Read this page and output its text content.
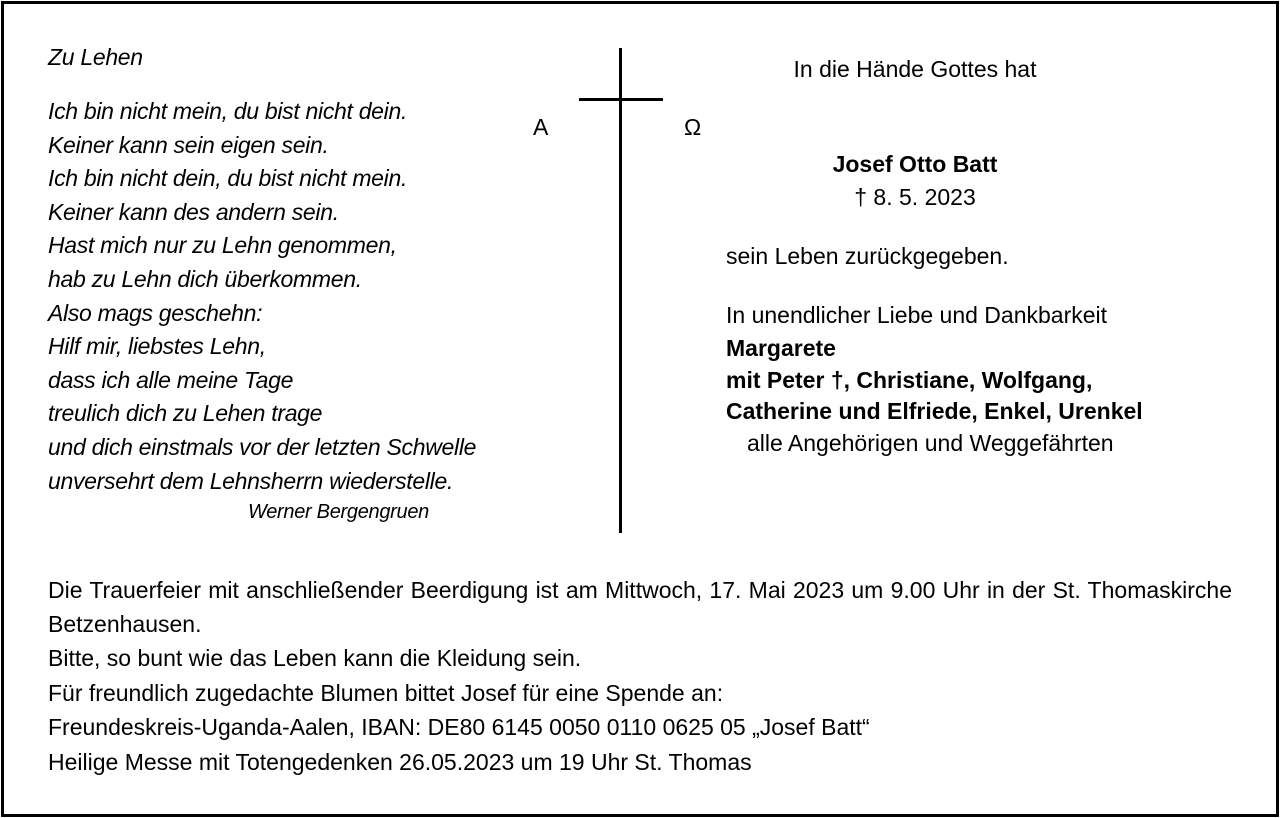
Zu Lehen
Ich bin nicht mein, du bist nicht dein.
Keiner kann sein eigen sein.
Ich bin nicht dein, du bist nicht mein.
Keiner kann des andern sein.
Hast mich nur zu Lehn genommen,
hab zu Lehn dich überkommen.
Also mags geschehn:
Hilf mir, liebstes Lehn,
dass ich alle meine Tage
treulich dich zu Lehen trage
und dich einstmals vor der letzten Schwelle
unversehrt dem Lehnsherrn wiederstelle.
Werner Bergengruen
A	Ω
In die Hände Gottes hat
Josef Otto Batt
† 8. 5. 2023
sein Leben zurückgegeben.
In unendlicher Liebe und Dankbarkeit
Margarete
mit Peter †, Christiane, Wolfgang,
Catherine und Elfriede, Enkel, Urenkel
alle Angehörigen und Weggefährten
Die Trauerfeier mit anschließender Beerdigung ist am Mittwoch, 17. Mai 2023 um 9.00 Uhr in der St. Thomaskirche Betzenhausen.
Bitte, so bunt wie das Leben kann die Kleidung sein.
Für freundlich zugedachte Blumen bittet Josef für eine Spende an:
Freundeskreis-Uganda-Aalen, IBAN: DE80 6145 0050 0110 0625 05 „Josef Batt“
Heilige Messe mit Totengedenken 26.05.2023 um 19 Uhr St. Thomas
